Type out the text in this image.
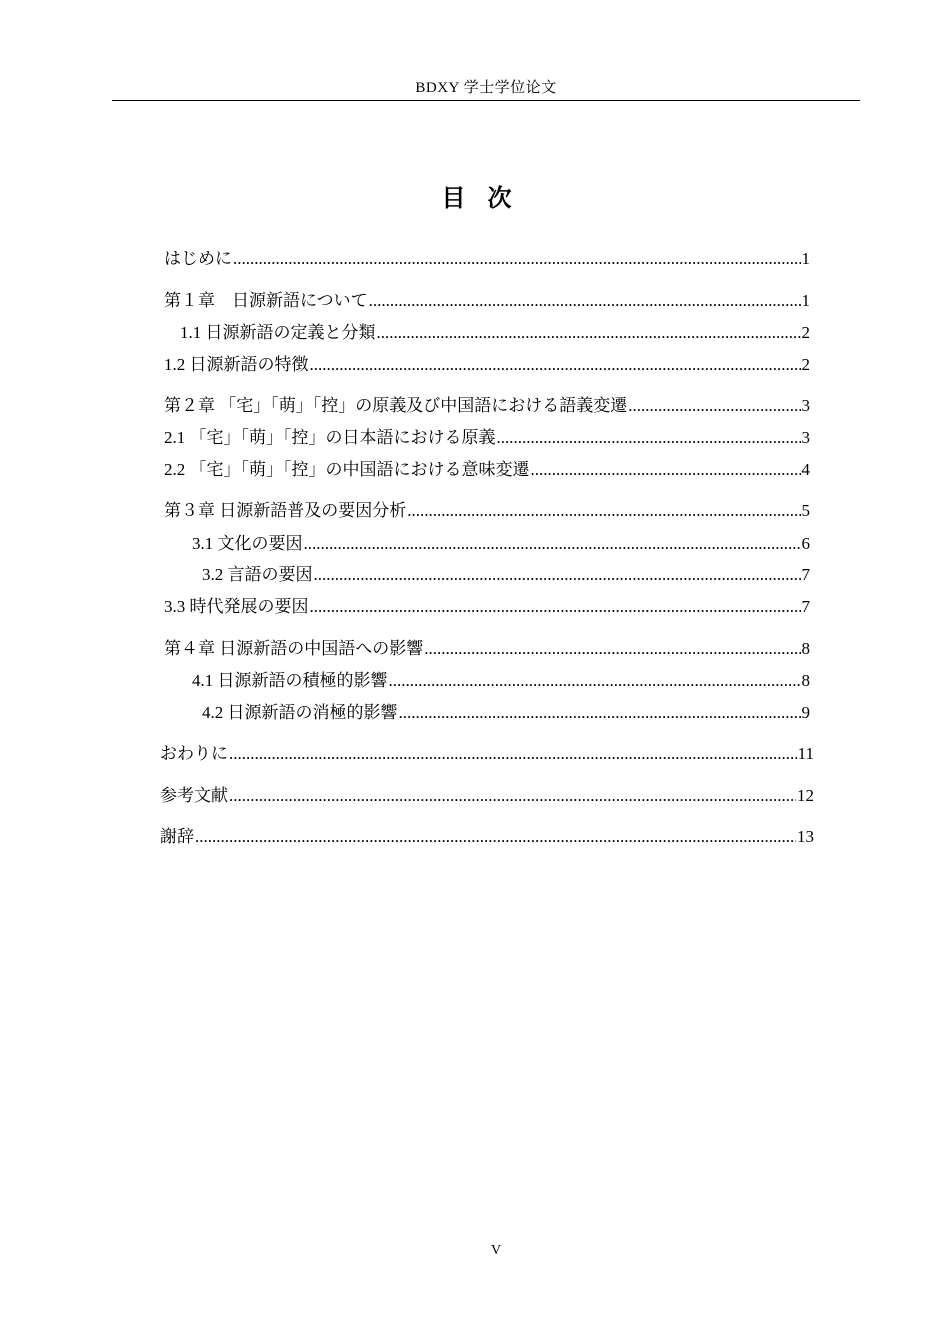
BDXY 学士学位论文
目次
はじめに .....	1
第１章　日源新語について .....	1
1.1 日源新語の定義と分類 .....	2
1.2 日源新語の特徴 .....	2
第２章 「宅」「萌」「控」の原義及び中国語における語義変遷 .....	3
2.1 「宅」「萌」「控」の日本語における原義 .....	3
2.2 「宅」「萌」「控」の中国語における意味変遷 .....	4
第３章 日源新語普及の要因分析 .....	5
3.1 文化の要因 .....	6
3.2 言語の要因 .....	7
3.3 時代発展の要因 .....	7
第４章 日源新語の中国語への影響 .....	8
4.1 日源新語の積極的影響 .....	8
4.2 日源新語の消極的影響 .....	9
おわりに .....	11
参考文献 .....	12
謝辞 .....	13
V
